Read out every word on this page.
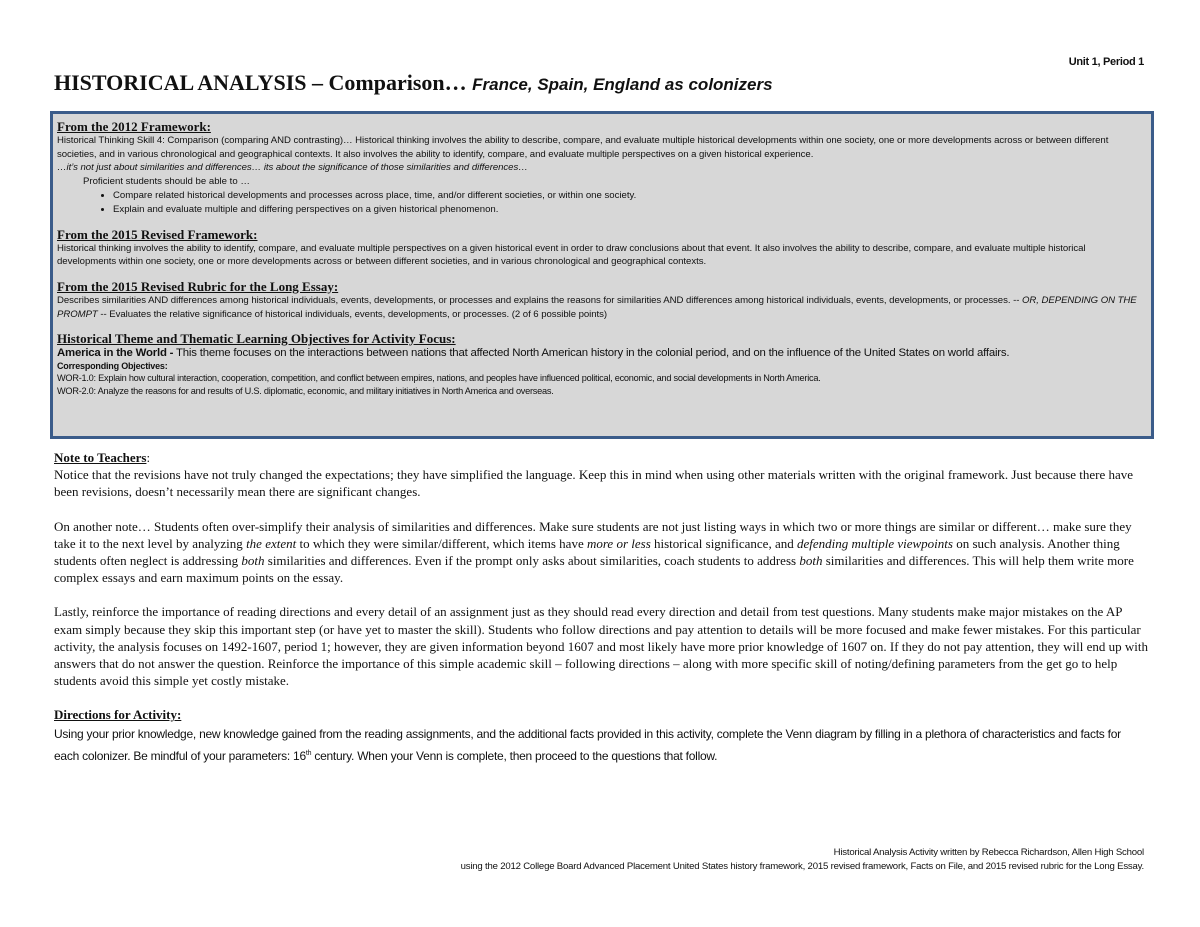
Unit 1, Period 1
HISTORICAL ANALYSIS – Comparison… France, Spain, England as colonizers
From the 2012 Framework:
Historical Thinking Skill 4: Comparison (comparing AND contrasting)… Historical thinking involves the ability to describe, compare, and evaluate multiple historical developments within one society, one or more developments across or between different societies, and in various chronological and geographical contexts. It also involves the ability to identify, compare, and evaluate multiple perspectives on a given historical experience.
…it’s not just about similarities and differences… its about the significance of those similarities and differences…
Proficient students should be able to …
• Compare related historical developments and processes across place, time, and/or different societies, or within one society.
• Explain and evaluate multiple and differing perspectives on a given historical phenomenon.
From the 2015 Revised Framework:
Historical thinking involves the ability to identify, compare, and evaluate multiple perspectives on a given historical event in order to draw conclusions about that event. It also involves the ability to describe, compare, and evaluate multiple historical developments within one society, one or more developments across or between different societies, and in various chronological and geographical contexts.
From the 2015 Revised Rubric for the Long Essay:
Describes similarities AND differences among historical individuals, events, developments, or processes and explains the reasons for similarities AND differences among historical individuals, events, developments, or processes. -- OR, DEPENDING ON THE PROMPT -- Evaluates the relative significance of historical individuals, events, developments, or processes. (2 of 6 possible points)
Historical Theme and Thematic Learning Objectives for Activity Focus:
America in the World - This theme focuses on the interactions between nations that affected North American history in the colonial period, and on the influence of the United States on world affairs.
Corresponding Objectives:
WOR-1.0: Explain how cultural interaction, cooperation, competition, and conflict between empires, nations, and peoples have influenced political, economic, and social developments in North America.
WOR-2.0: Analyze the reasons for and results of U.S. diplomatic, economic, and military initiatives in North America and overseas.
Note to Teachers:

Notice that the revisions have not truly changed the expectations; they have simplified the language. Keep this in mind when using other materials written with the original framework. Just because there have been revisions, doesn’t necessarily mean there are significant changes.

On another note… Students often over-simplify their analysis of similarities and differences. Make sure students are not just listing ways in which two or more things are similar or different… make sure they take it to the next level by analyzing the extent to which they were similar/different, which items have more or less historical significance, and defending multiple viewpoints on such analysis. Another thing students often neglect is addressing both similarities and differences. Even if the prompt only asks about similarities, coach students to address both similarities and differences. This will help them write more complex essays and earn maximum points on the essay.

Lastly, reinforce the importance of reading directions and every detail of an assignment just as they should read every direction and detail from test questions. Many students make major mistakes on the AP exam simply because they skip this important step (or have yet to master the skill). Students who follow directions and pay attention to details will be more focused and make fewer mistakes. For this particular activity, the analysis focuses on 1492-1607, period 1; however, they are given information beyond 1607 and most likely have more prior knowledge of 1607 on. If they do not pay attention, they will end up with answers that do not answer the question. Reinforce the importance of this simple academic skill – following directions – along with more specific skill of noting/defining parameters from the get go to help students avoid this simple yet costly mistake.

Directions for Activity:
Using your prior knowledge, new knowledge gained from the reading assignments, and the additional facts provided in this activity, complete the Venn diagram by filling in a plethora of characteristics and facts for each colonizer. Be mindful of your parameters: 16th century. When your Venn is complete, then proceed to the questions that follow.
Historical Analysis Activity written by Rebecca Richardson, Allen High School
using the 2012 College Board Advanced Placement United States history framework, 2015 revised framework, Facts on File, and 2015 revised rubric for the Long Essay.
